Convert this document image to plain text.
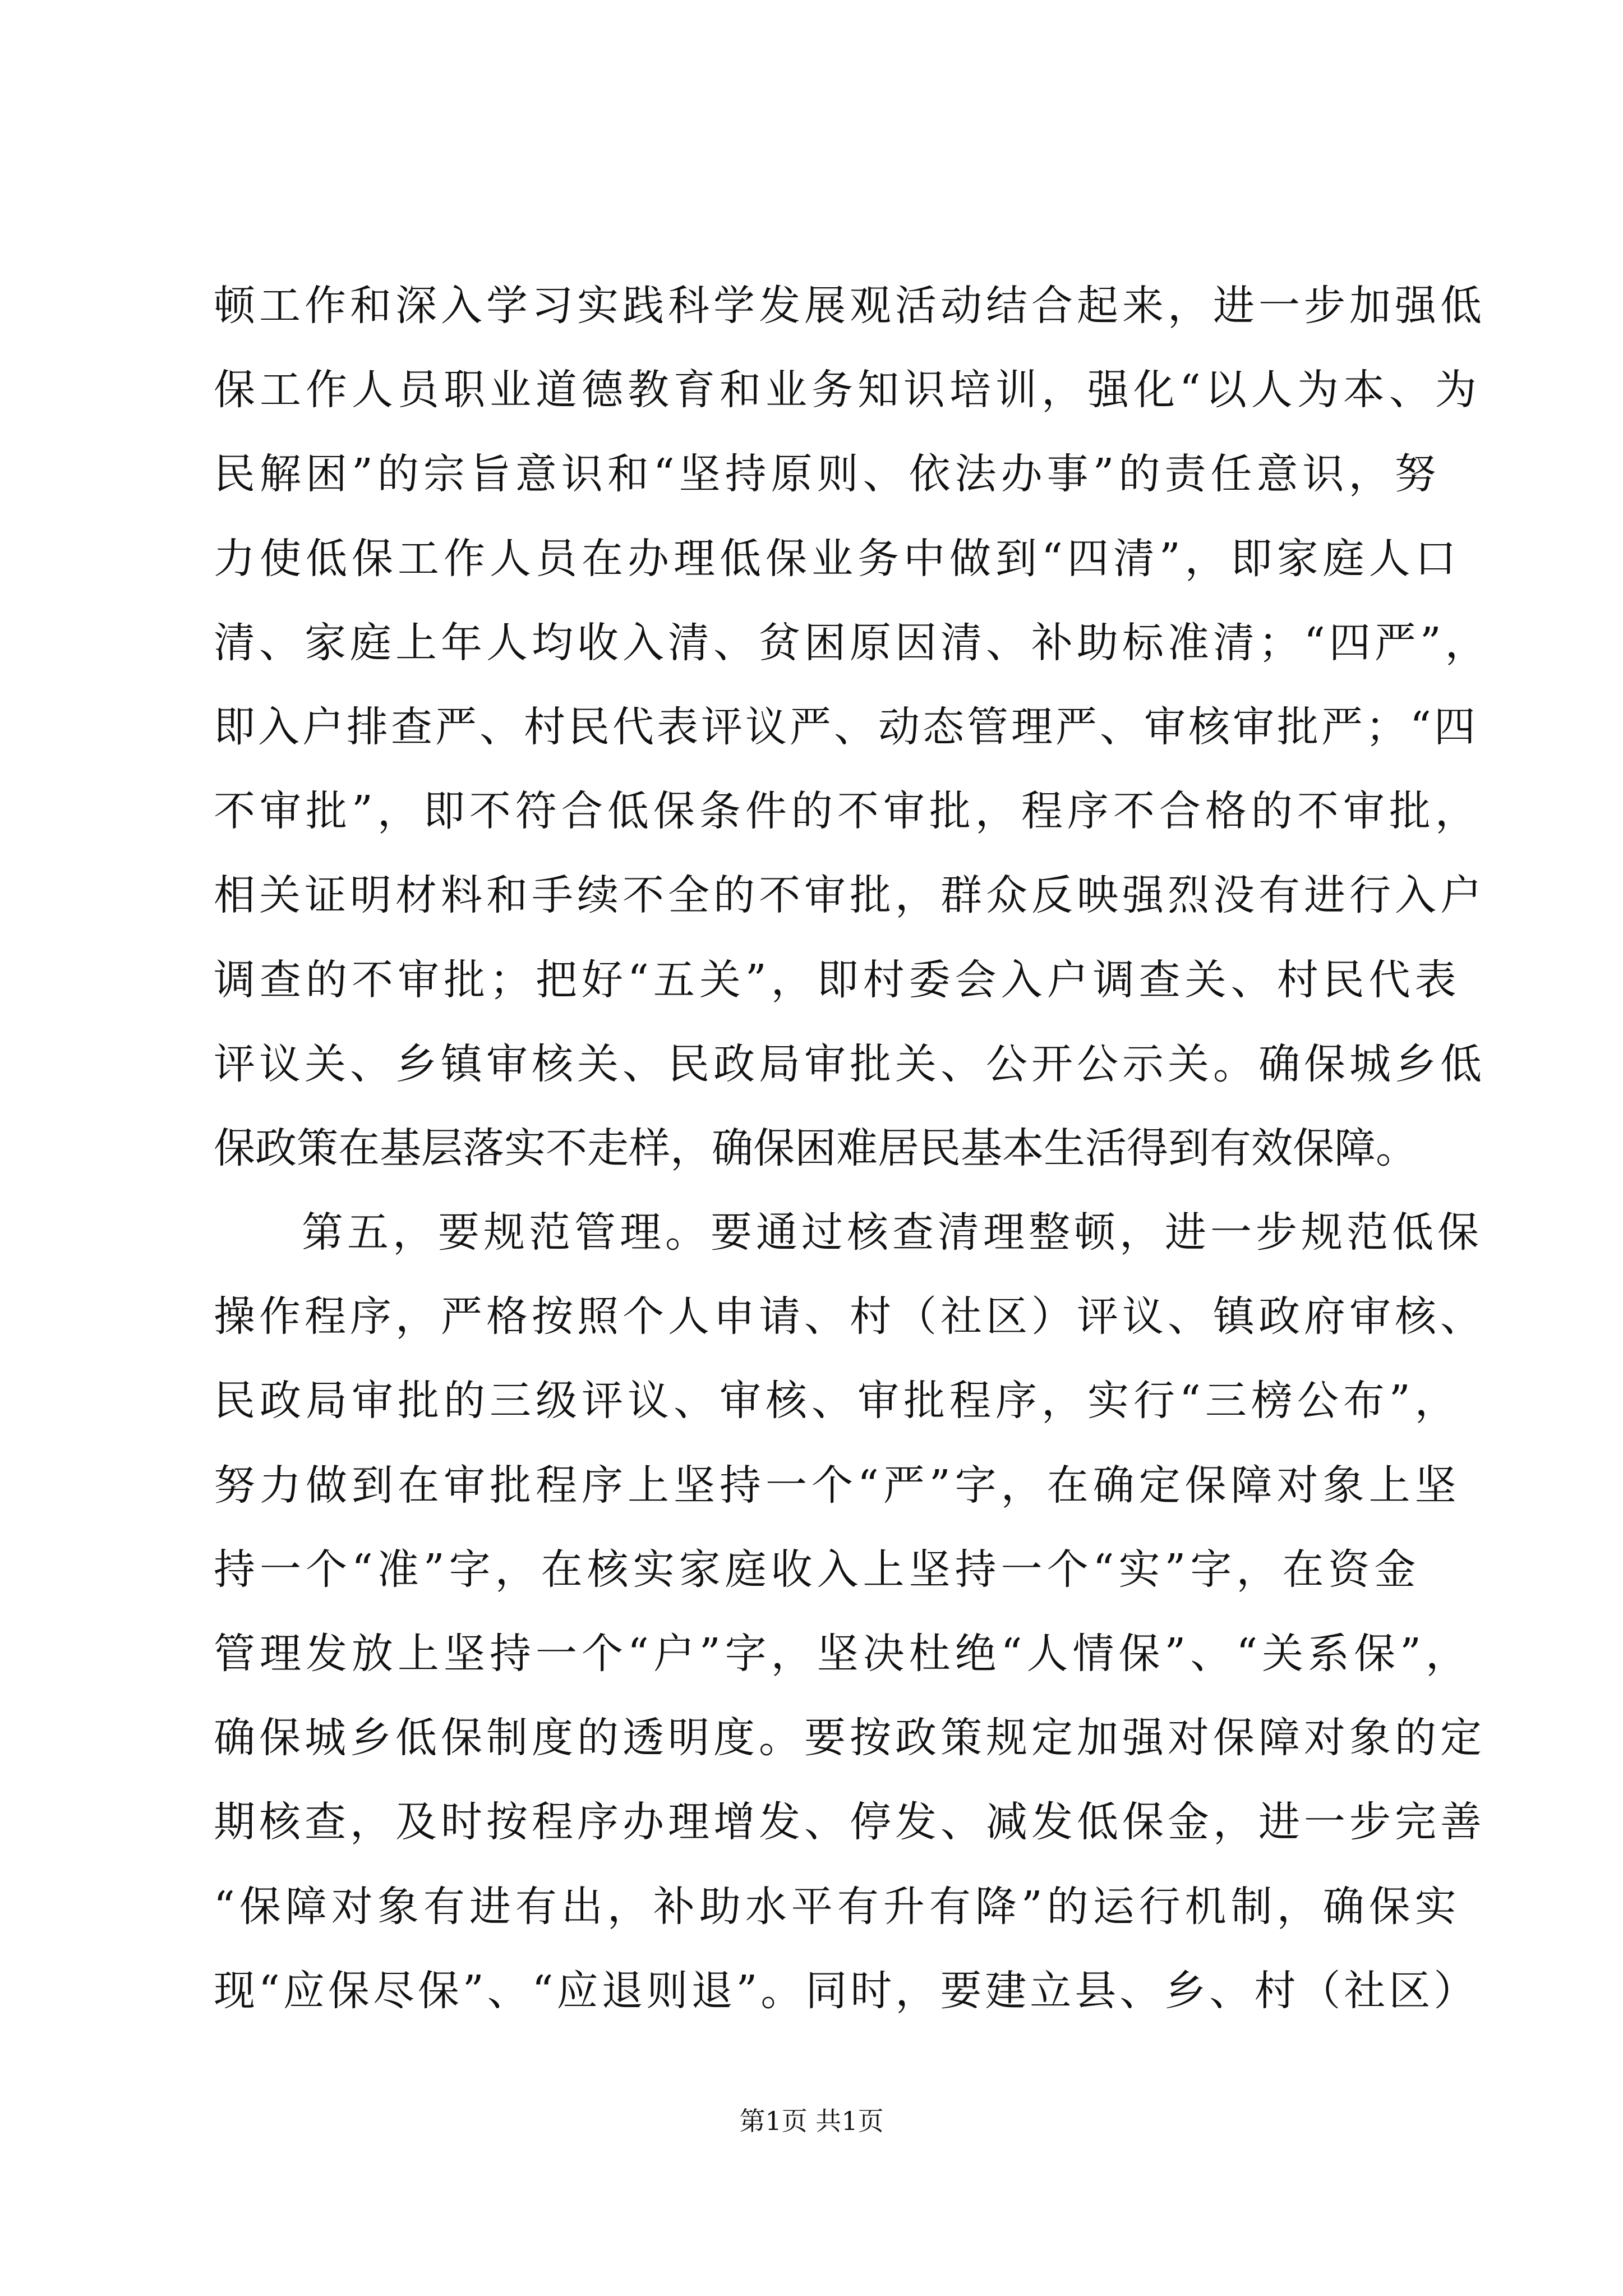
顿工作和深入学习实践科学发展观活动结合起来，进一步加强低
保工作人员职业道德教育和业务知识培训，强化“以人为本、为
民解困”的宗旨意识和“坚持原则、依法办事”的责任意识，努
力使低保工作人员在办理低保业务中做到“四清”，即家庭人口
清、家庭上年人均收入清、贫困原因清、补助标准清；“四严”，
即入户排查严、村民代表评议严、动态管理严、审核审批严；“四
不审批”，即不符合低保条件的不审批，程序不合格的不审批，
相关证明材料和手续不全的不审批，群众反映强烈没有进行入户
调查的不审批；把好“五关”，即村委会入户调查关、村民代表
评议关、乡镇审核关、民政局审批关、公开公示关。确保城乡低
保政策在基层落实不走样，确保困难居民基本生活得到有效保障。
第五，要规范管理。要通过核查清理整顿，进一步规范低保
操作程序，严格按照个人申请、村（社区）评议、镇政府审核、
民政局审批的三级评议、审核、审批程序，实行“三榜公布”，
努力做到在审批程序上坚持一个“严”字，在确定保障对象上坚
持一个“准”字，在核实家庭收入上坚持一个“实”字，在资金
管理发放上坚持一个“户”字，坚决杜绝“人情保”、“关系保”，
确保城乡低保制度的透明度。要按政策规定加强对保障对象的定
期核查，及时按程序办理增发、停发、减发低保金，进一步完善
“保障对象有进有出，补助水平有升有降”的运行机制，确保实
现“应保尽保”、“应退则退”。同时，要建立县、乡、村（社区）
第1页 共1页
